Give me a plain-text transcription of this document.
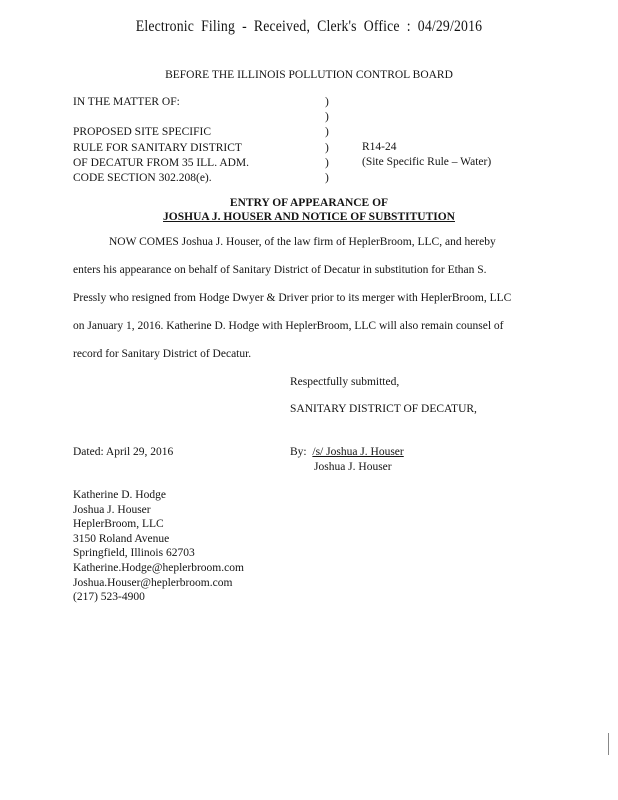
Electronic Filing - Received, Clerk's Office : 04/29/2016
BEFORE THE ILLINOIS POLLUTION CONTROL BOARD
IN THE MATTER OF:

PROPOSED SITE SPECIFIC
RULE FOR SANITARY DISTRICT
OF DECATUR FROM 35 ILL. ADM.
CODE SECTION 302.208(e).
)
)
)
)
)
)
R14-24
(Site Specific Rule – Water)
ENTRY OF APPEARANCE OF
JOSHUA J. HOUSER AND NOTICE OF SUBSTITUTION
NOW COMES Joshua J. Houser, of the law firm of HeplerBroom, LLC, and hereby
enters his appearance on behalf of Sanitary District of Decatur in substitution for Ethan S.
Pressly who resigned from Hodge Dwyer & Driver prior to its merger with HeplerBroom, LLC
on January 1, 2016. Katherine D. Hodge with HeplerBroom, LLC will also remain counsel of
record for Sanitary District of Decatur.
Respectfully submitted,
SANITARY DISTRICT OF DECATUR,
Dated: April 29, 2016	By: /s/ Joshua J. Houser
Joshua J. Houser
Katherine D. Hodge
Joshua J. Houser
HeplerBroom, LLC
3150 Roland Avenue
Springfield, Illinois 62703
Katherine.Hodge@heplerbroom.com
Joshua.Houser@heplerbroom.com
(217) 523-4900
